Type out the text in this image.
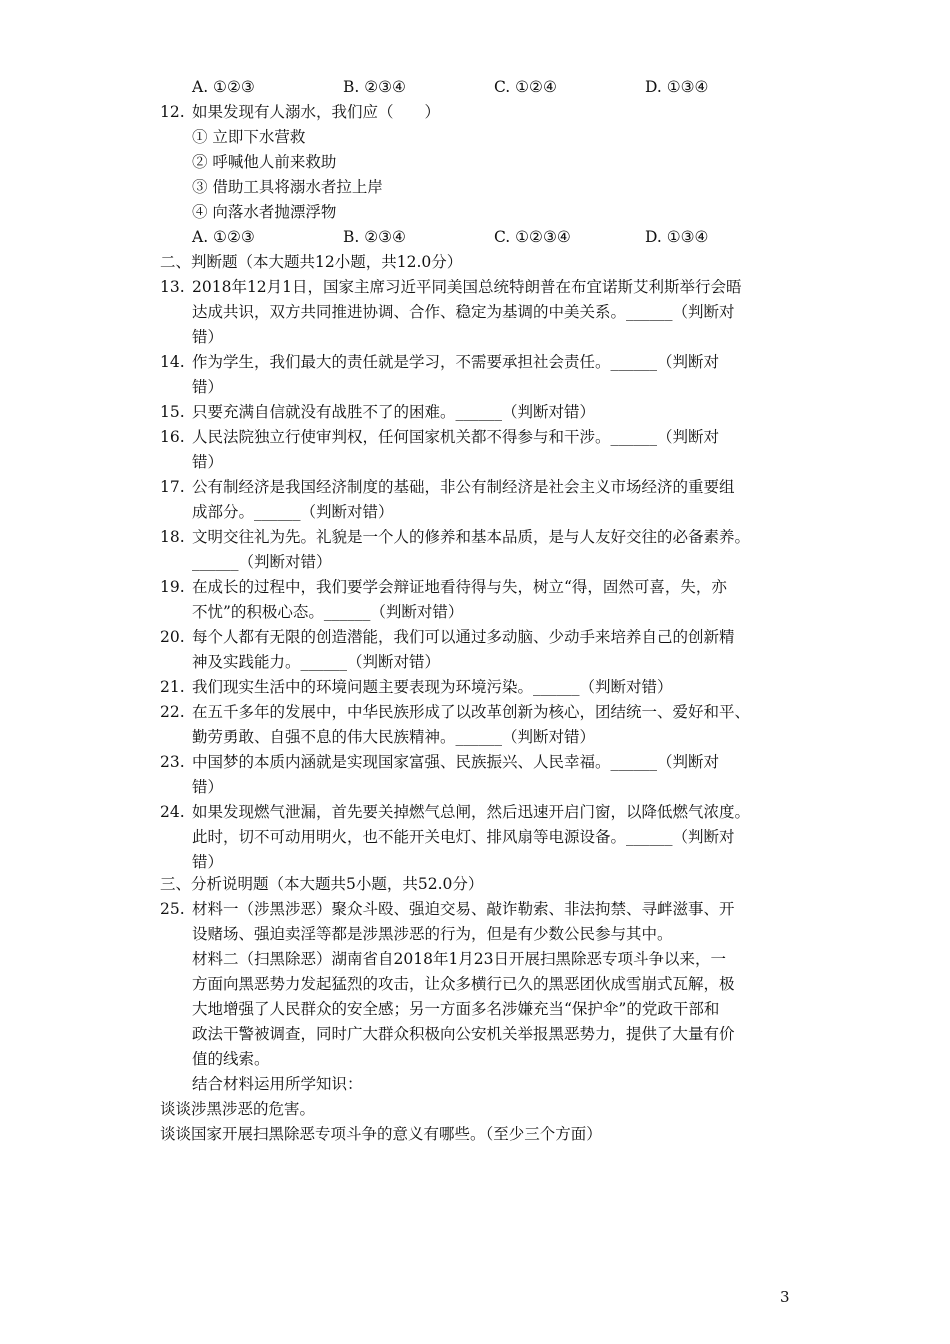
A. ①②③	B. ②③④	C. ①②④	D. ①③④
12. 如果发现有人溺水，我们应（　　）
① 立即下水营救
② 呼喊他人前来救助
③ 借助工具将溺水者拉上岸
④ 向落水者抛漂浮物
A. ①②③	B. ②③④	C. ①②③④	D. ①③④
二、判断题（本大题共12小题，共12.0分）
13. 2018年12月1日，国家主席习近平同美国总统特朗普在布宜诺斯艾利斯举行会晤
达成共识，双方共同推进协调、合作、稳定为基调的中美关系。______（判断对
错）
14. 作为学生，我们最大的责任就是学习，不需要承担社会责任。______（判断对
错）
15. 只要充满自信就没有战胜不了的困难。______（判断对错）
16. 人民法院独立行使审判权，任何国家机关都不得参与和干涉。______（判断对
错）
17. 公有制经济是我国经济制度的基础，非公有制经济是社会主义市场经济的重要组
成部分。______（判断对错）
18. 文明交往礼为先。礼貌是一个人的修养和基本品质，是与人友好交往的必备素养。
______（判断对错）
19. 在成长的过程中，我们要学会辩证地看待得与失，树立“得，固然可喜，失，亦
不忧”的积极心态。______（判断对错）
20. 每个人都有无限的创造潜能，我们可以通过多动脑、少动手来培养自己的创新精
神及实践能力。______（判断对错）
21. 我们现实生活中的环境问题主要表现为环境污染。______（判断对错）
22. 在五千多年的发展中，中华民族形成了以改革创新为核心，团结统一、爱好和平、
勤劳勇敢、自强不息的伟大民族精神。______（判断对错）
23. 中国梦的本质内涵就是实现国家富强、民族振兴、人民幸福。______（判断对
错）
24. 如果发现燃气泄漏，首先要关掉燃气总闸，然后迅速开启门窗，以降低燃气浓度。
此时，切不可动用明火，也不能开关电灯、排风扇等电源设备。______（判断对
错）
三、分析说明题（本大题共5小题，共52.0分）
25. 材料一（涉黑涉恶）聚众斗殴、强迫交易、敲诈勒索、非法拘禁、寻衅滋事、开
设赌场、强迫卖淫等都是涉黑涉恶的行为，但是有少数公民参与其中。
材料二（扫黑除恶）湖南省自2018年1月23日开展扫黑除恶专项斗争以来，一
方面向黑恶势力发起猛烈的攻击，让众多横行已久的黑恶团伙成雪崩式瓦解，极
大地增强了人民群众的安全感；另一方面多名涉嫌充当“保护伞”的党政干部和
政法干警被调查，同时广大群众积极向公安机关举报黑恶势力，提供了大量有价
值的线索。
结合材料运用所学知识：
谈谈涉黑涉恶的危害。
谈谈国家开展扫黑除恶专项斗争的意义有哪些。（至少三个方面）
3
